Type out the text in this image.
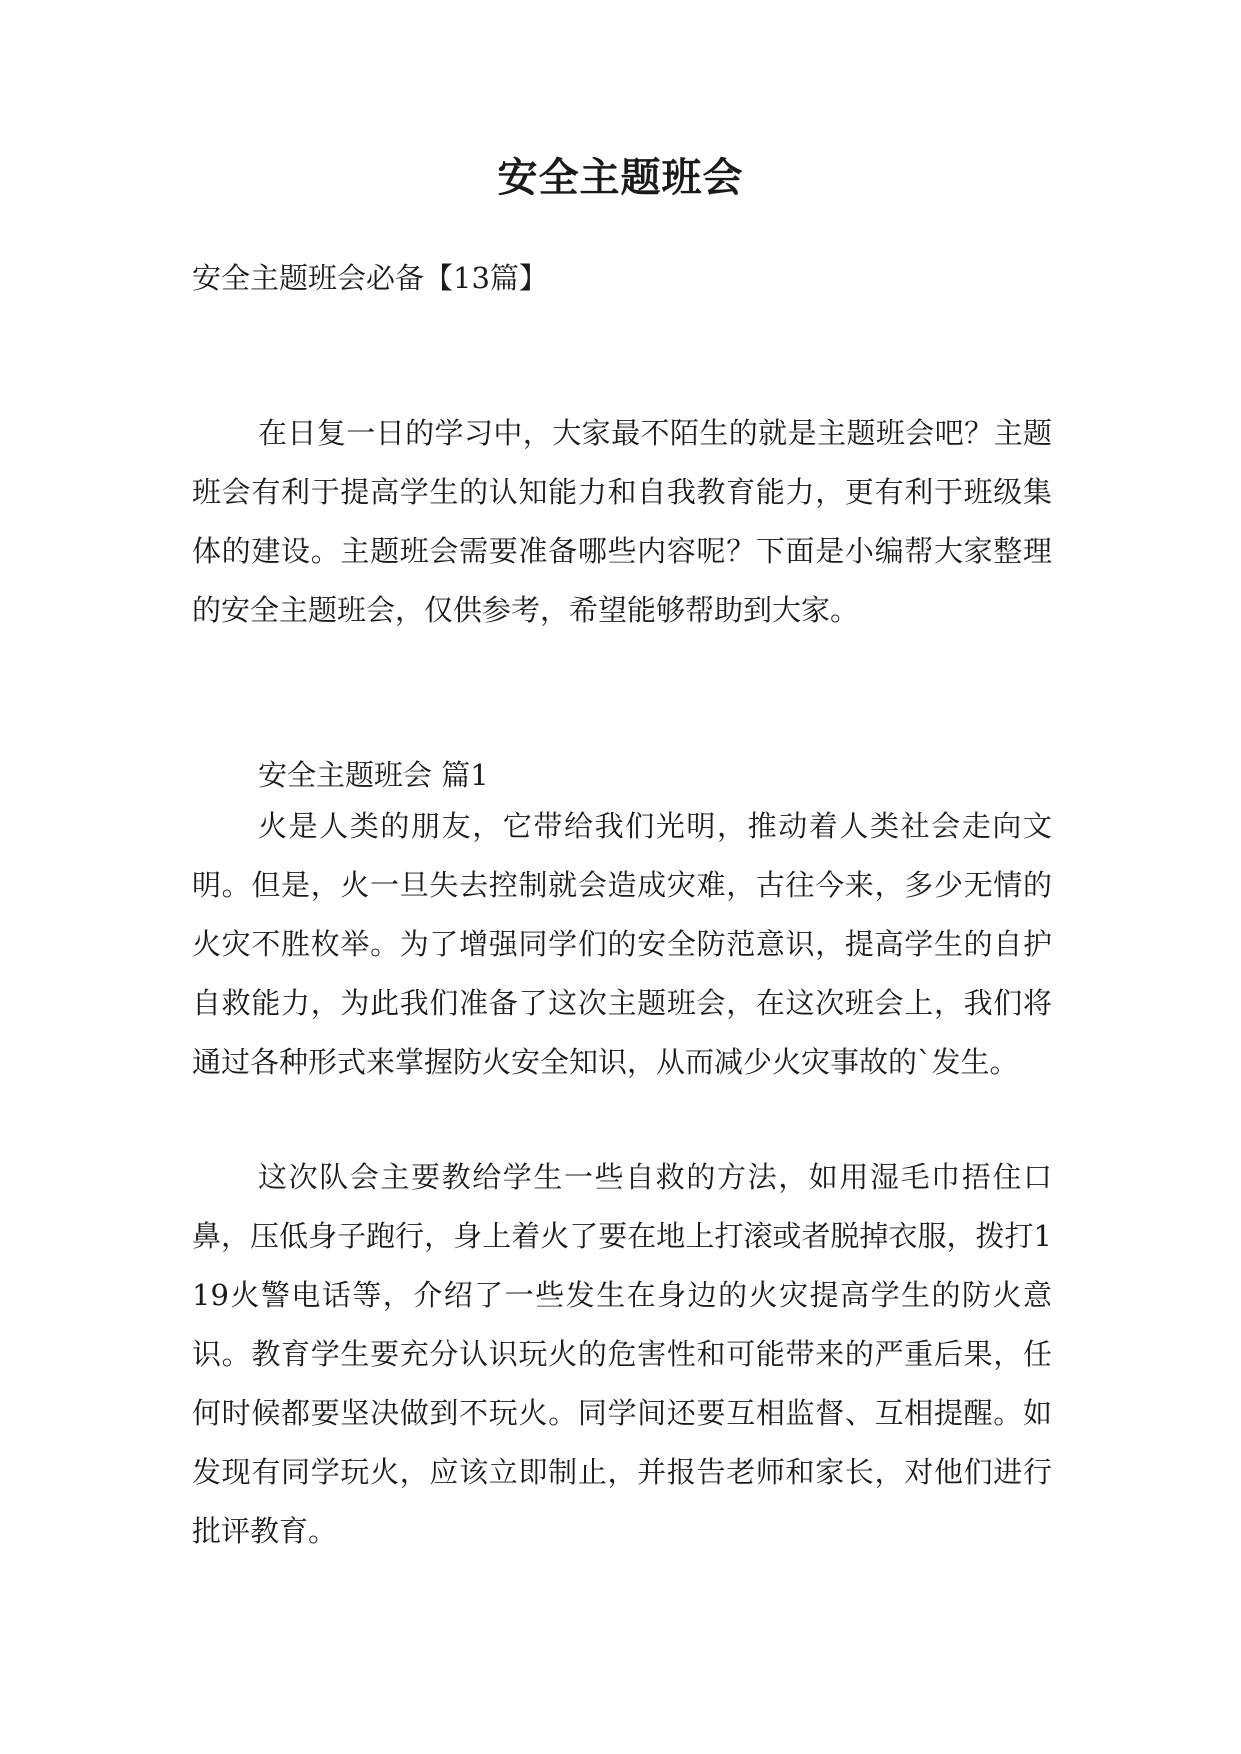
安全主题班会

安全主题班会必备【13篇】

在日复一日的学习中，大家最不陌生的就是主题班会吧？主题班会有利于提高学生的认知能力和自我教育能力，更有利于班级集体的建设。主题班会需要准备哪些内容呢？下面是小编帮大家整理的安全主题班会，仅供参考，希望能够帮助到大家。

安全主题班会 篇1

火是人类的朋友，它带给我们光明，推动着人类社会走向文明。但是，火一旦失去控制就会造成灾难，古往今来，多少无情的火灾不胜枚举。为了增强同学们的安全防范意识，提高学生的自护自救能力，为此我们准备了这次主题班会，在这次班会上，我们将通过各种形式来掌握防火安全知识，从而减少火灾事故的`发生。

这次队会主要教给学生一些自救的方法，如用湿毛巾捂住口鼻，压低身子跑行，身上着火了要在地上打滚或者脱掉衣服，拨打119火警电话等，介绍了一些发生在身边的火灾提高学生的防火意识。教育学生要充分认识玩火的危害性和可能带来的严重后果，任何时候都要坚决做到不玩火。同学间还要互相监督、互相提醒。如发现有同学玩火，应该立即制止，并报告老师和家长，对他们进行批评教育。
